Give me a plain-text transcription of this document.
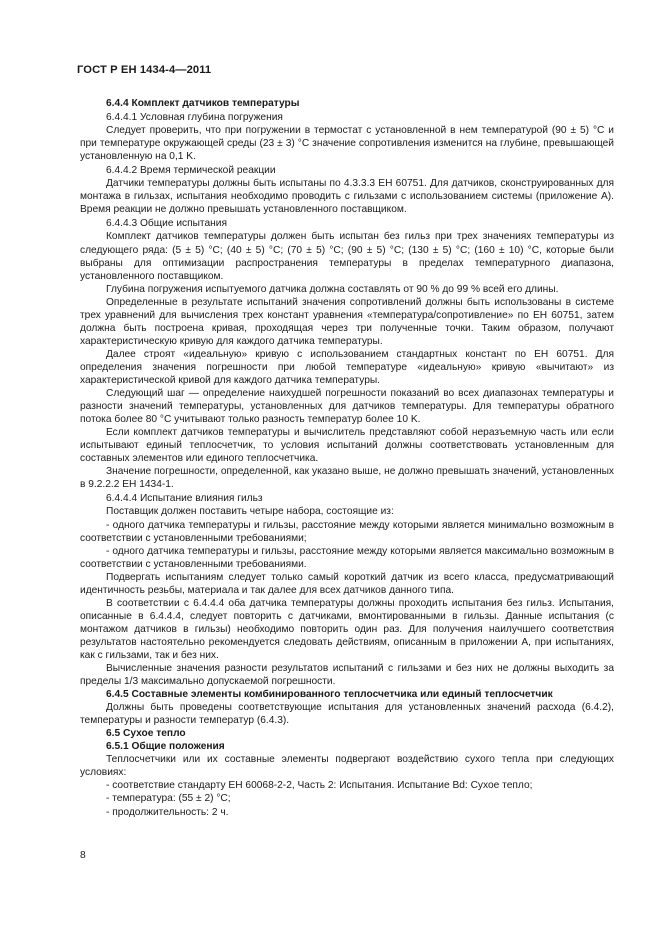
ГОСТ Р ЕН 1434-4—2011

6.4.4 Комплект датчиков температуры

6.4.4.1 Условная глубина погружения

Следует проверить, что при погружении в термостат с установленной в нем температурой (90 ± 5) °С и при температуре окружающей среды (23 ± 3) °С значение сопротивления изменится на глубине, превышающей установленную на 0,1 K.

6.4.4.2 Время термической реакции

Датчики температуры должны быть испытаны по 4.3.3.3 ЕН 60751. Для датчиков, сконструированных для монтажа в гильзах, испытания необходимо проводить с гильзами с использованием системы (приложение А). Время реакции не должно превышать установленного поставщиком.

6.4.4.3 Общие испытания

Комплект датчиков температуры должен быть испытан без гильз при трех значениях температуры из следующего ряда: (5 ± 5) °С; (40 ± 5) °С; (70 ± 5) °С; (90 ± 5) °С; (130 ± 5) °С; (160 ± 10) °С, которые были выбраны для оптимизации распространения температуры в пределах температурного диапазона, установленного поставщиком.

Глубина погружения испытуемого датчика должна составлять от 90 % до 99 % всей его длины.

Определенные в результате испытаний значения сопротивлений должны быть использованы в системе трех уравнений для вычисления трех констант уравнения «температура/сопротивление» по ЕН 60751, затем должна быть построена кривая, проходящая через три полученные точки. Таким образом, получают характеристическую кривую для каждого датчика температуры.

Далее строят «идеальную» кривую с использованием стандартных констант по ЕН 60751. Для определения значения погрешности при любой температуре «идеальную» кривую «вычитают» из характеристической кривой для каждого датчика температуры.

Следующий шаг — определение наихудшей погрешности показаний во всех диапазонах температуры и разности значений температуры, установленных для датчиков температуры. Для температуры обратного потока более 80 °С учитывают только разность температур более 10 K.

Если комплект датчиков температуры и вычислитель представляют собой неразъемную часть или если испытывают единый теплосчетчик, то условия испытаний должны соответствовать установленным для составных элементов или единого теплосчетчика.

Значение погрешности, определенной, как указано выше, не должно превышать значений, установленных в 9.2.2.2 ЕН 1434-1.

6.4.4.4 Испытание влияния гильз

Поставщик должен поставить четыре набора, состоящие из:

- одного датчика температуры и гильзы, расстояние между которыми является минимально возможным в соответствии с установленными требованиями;

- одного датчика температуры и гильзы, расстояние между которыми является максимально возможным в соответствии с установленными требованиями.

Подвергать испытаниям следует только самый короткий датчик из всего класса, предусматривающий идентичность резьбы, материала и так далее для всех датчиков данного типа.

В соответствии с 6.4.4.4 оба датчика температуры должны проходить испытания без гильз. Испытания, описанные в 6.4.4.4, следует повторить с датчиками, вмонтированными в гильзы. Данные испытания (с монтажом датчиков в гильзы) необходимо повторить один раз. Для получения наилучшего соответствия результатов настоятельно рекомендуется следовать действиям, описанным в приложении А, при испытаниях, как с гильзами, так и без них.

Вычисленные значения разности результатов испытаний с гильзами и без них не должны выходить за пределы 1/3 максимально допускаемой погрешности.

6.4.5 Составные элементы комбинированного теплосчетчика или единый теплосчетчик

Должны быть проведены соответствующие испытания для установленных значений расхода (6.4.2), температуры и разности температур (6.4.3).

6.5 Сухое тепло

6.5.1 Общие положения

Теплосчетчики или их составные элементы подвергают воздействию сухого тепла при следующих условиях:

- соответствие стандарту ЕН 60068-2-2, Часть 2: Испытания. Испытание Bd: Сухое тепло;

- температура: (55 ± 2) °С;

- продолжительность: 2 ч.

8
